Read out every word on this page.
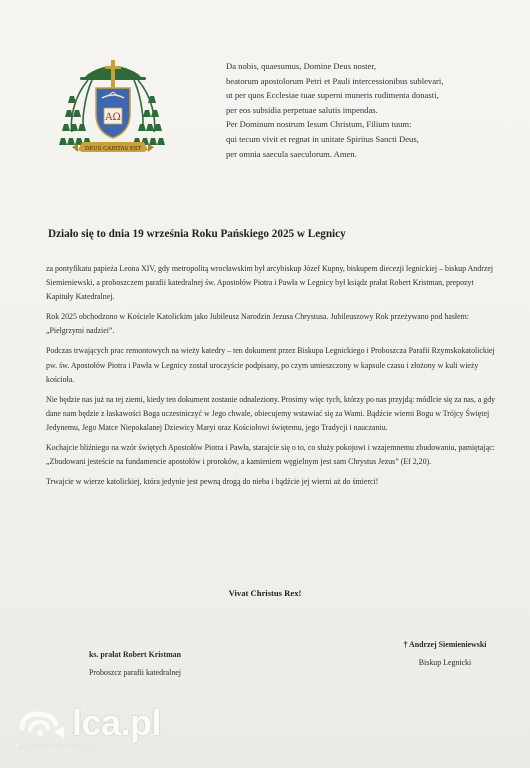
AΩ
DEUS CARITAS EST
Da nobis, quaesumus, Domine Deus noster,
beatorum apostolorum Petri et Pauli intercessionibus sublevari,
ut per quos Ecclesiae tuae superni muneris rudimenta donasti,
per eos subsidia perpetuae salutis impendas.
Per Dominum nostrum Iesum Christum, Filium tuum:
qui tecum vivit et regnat in unitate Spiritus Sancti Deus,
per omnia saecula saeculorum. Amen.
Działo się to dnia 19 września Roku Pańskiego 2025 w Legnicy

za pontyfikatu papieża Leona XIV, gdy metropolitą wrocławskim był arcybiskup Józef Kupny, biskupem diecezji legnickiej – biskup Andrzej Siemieniewski, a proboszczem parafii katedralnej św. Apostołów Piotra i Pawła w Legnicy był ksiądz prałat Robert Kristman, prepozyt Kapituły Katedralnej.

Rok 2025 obchodzono w Kościele Katolickim jako Jubileusz Narodzin Jezusa Chrystusa. Jubileuszowy Rok przeżywano pod hasłem: „Pielgrzymi nadziei”.

Podczas trwających prac remontowych na wieży katedry – ten dokument przez Biskupa Legnickiego i Proboszcza Parafii Rzymskokatolickiej pw. św. Apostołów Piotra i Pawła w Legnicy został uroczyście podpisany, po czym umieszczony w kapsule czasu i złożony w kuli wieży kościoła.

Nie będzie nas już na tej ziemi, kiedy ten dokument zostanie odnaleziony. Prosimy więc tych, którzy po nas przyjdą: módlcie się za nas, a gdy dane nam będzie z łaskawości Boga uczestniczyć w Jego chwale, obiecujemy wstawiać się za Wami. Bądźcie wierni Bogu w Trójcy Świętej Jedynemu, Jego Matce Niepokalanej Dziewicy Maryi oraz Kościołowi świętemu, jego Tradycji i nauczaniu.

Kochajcie bliźniego na wzór świętych Apostołów Piotra i Pawła, starajcie się o to, co służy pokojowi i wzajemnemu zbudowaniu, pamiętając: „Zbudowani jesteście na fundamencie apostołów i proroków, a kamieniem węgielnym jest sam Chrystus Jezus” (Ef 2,20).

Trwajcie w wierze katolickiej, która jedynie jest pewną drogą do nieba i bądźcie jej wierni aż do śmierci!

Vivat Christus Rex!
ks. prałat Robert Kristman
Proboszcz parafii katedralnej
† Andrzej Siemieniewski
Biskup Legnicki
lca.pl
Twój portal informacyjny
